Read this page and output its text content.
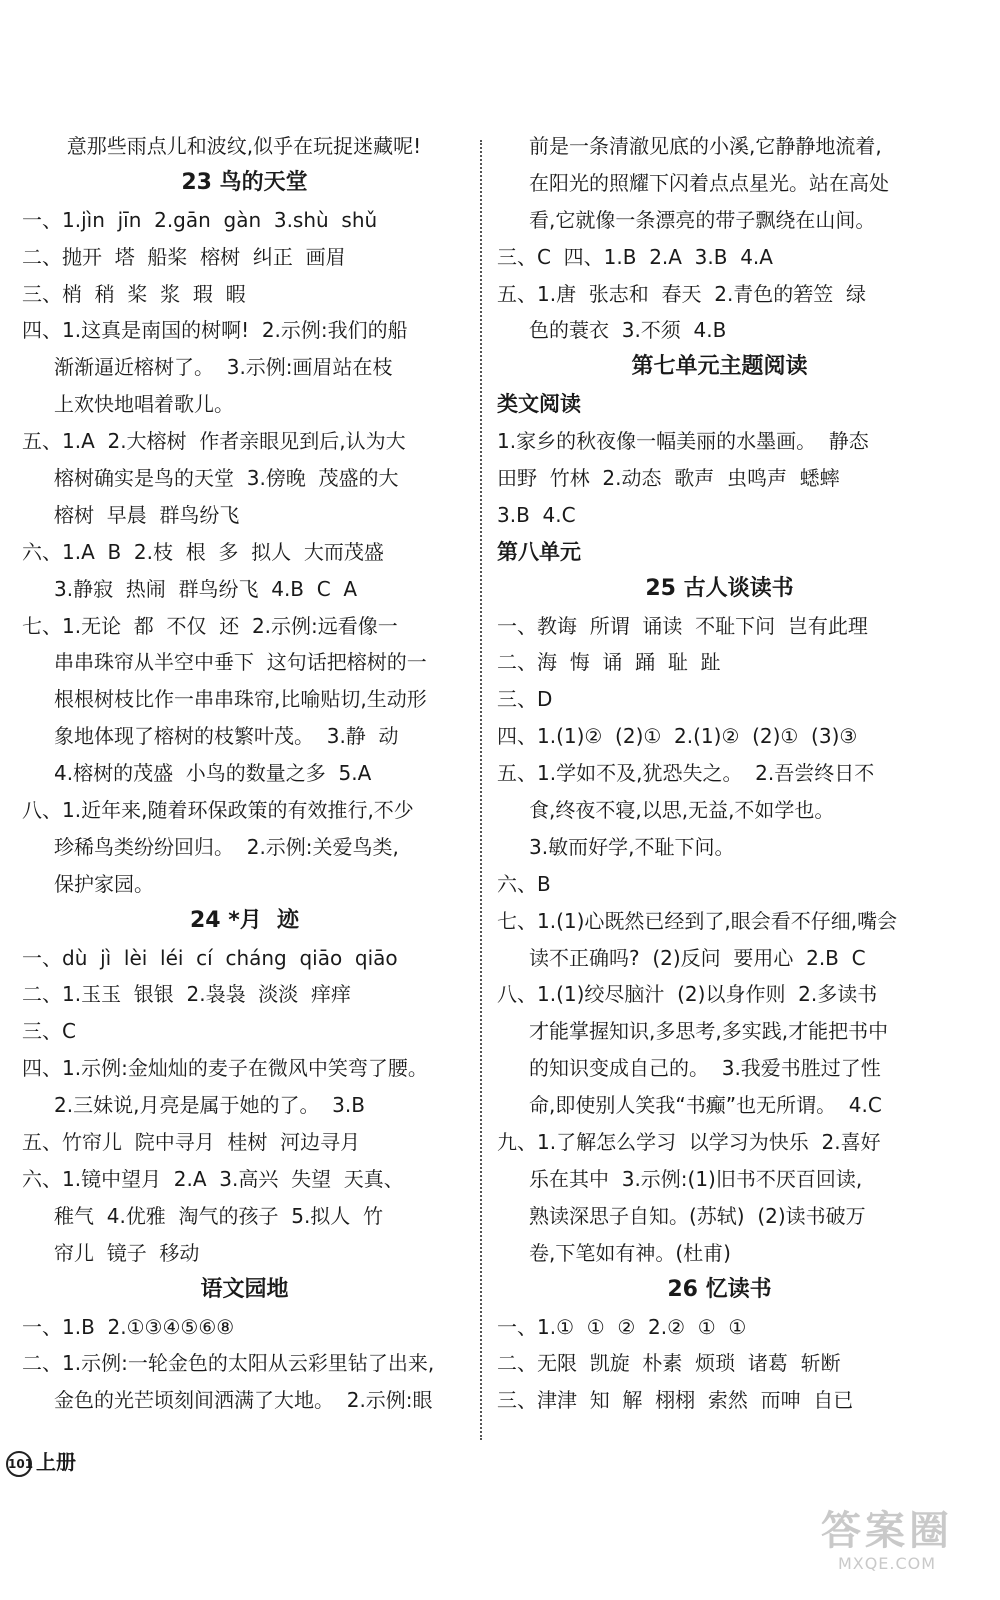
意那些雨点儿和波纹,似乎在玩捉迷藏呢!
23 鸟的天堂
一、1.jìn  jīn  2.gān  gàn  3.shù  shǔ
二、抛开  塔  船桨  榕树  纠正  画眉
三、梢  稍  桨  浆  瑕  暇
四、1.这真是南国的树啊!  2.示例:我们的船
渐渐逼近榕树了。  3.示例:画眉站在枝
上欢快地唱着歌儿。
五、1.A  2.大榕树  作者亲眼见到后,认为大
榕树确实是鸟的天堂  3.傍晚  茂盛的大
榕树  早晨  群鸟纷飞
六、1.A  B  2.枝  根  多  拟人  大而茂盛
3.静寂  热闹  群鸟纷飞  4.B  C  A
七、1.无论  都  不仅  还  2.示例:远看像一
串串珠帘从半空中垂下  这句话把榕树的一
根根树枝比作一串串珠帘,比喻贴切,生动形
象地体现了榕树的枝繁叶茂。  3.静  动
4.榕树的茂盛  小鸟的数量之多  5.A
八、1.近年来,随着环保政策的有效推行,不少
珍稀鸟类纷纷回归。  2.示例:关爱鸟类,
保护家园。
24 *月  迹
一、dù  jì  lèi  léi  cí  cháng  qiāo  qiāo
二、1.玉玉  银银  2.袅袅  淡淡  痒痒
三、C
四、1.示例:金灿灿的麦子在微风中笑弯了腰。
2.三妹说,月亮是属于她的了。  3.B
五、竹帘儿  院中寻月  桂树  河边寻月
六、1.镜中望月  2.A  3.高兴  失望  天真、
稚气  4.优雅  淘气的孩子  5.拟人  竹
帘儿  镜子  移动
语文园地
一、1.B  2.①③④⑤⑥⑧
二、1.示例:一轮金色的太阳从云彩里钻了出来,
金色的光芒顷刻间洒满了大地。  2.示例:眼
前是一条清澈见底的小溪,它静静地流着,
在阳光的照耀下闪着点点星光。站在高处
看,它就像一条漂亮的带子飘绕在山间。
三、C  四、1.B  2.A  3.B  4.A
五、1.唐  张志和  春天  2.青色的箬笠  绿
色的蓑衣  3.不须  4.B
第七单元主题阅读
类文阅读
1.家乡的秋夜像一幅美丽的水墨画。  静态
田野  竹林  2.动态  歌声  虫鸣声  蟋蟀
3.B  4.C
第八单元
25 古人谈读书
一、教诲  所谓  诵读  不耻下问  岂有此理
二、海  悔  诵  踊  耻  趾
三、D
四、1.(1)②  (2)①  2.(1)②  (2)①  (3)③
五、1.学如不及,犹恐失之。  2.吾尝终日不
食,终夜不寝,以思,无益,不如学也。
3.敏而好学,不耻下问。
六、B
七、1.(1)心既然已经到了,眼会看不仔细,嘴会
读不正确吗?  (2)反问  要用心  2.B  C
八、1.(1)绞尽脑汁  (2)以身作则  2.多读书
才能掌握知识,多思考,多实践,才能把书中
的知识变成自己的。  3.我爱书胜过了性
命,即使别人笑我“书癫”也无所谓。  4.C
九、1.了解怎么学习  以学习为快乐  2.喜好
乐在其中  3.示例:(1)旧书不厌百回读,
熟读深思子自知。(苏轼)  (2)读书破万
卷,下笔如有神。(杜甫)
26 忆读书
一、1.①  ①  ②  2.②  ①  ①
二、无限  凯旋  朴素  烦琐  诸葛  斩断
三、津津  知  解  栩栩  索然  而呻  自已
101 上册
答案圈
MXQE.COM
